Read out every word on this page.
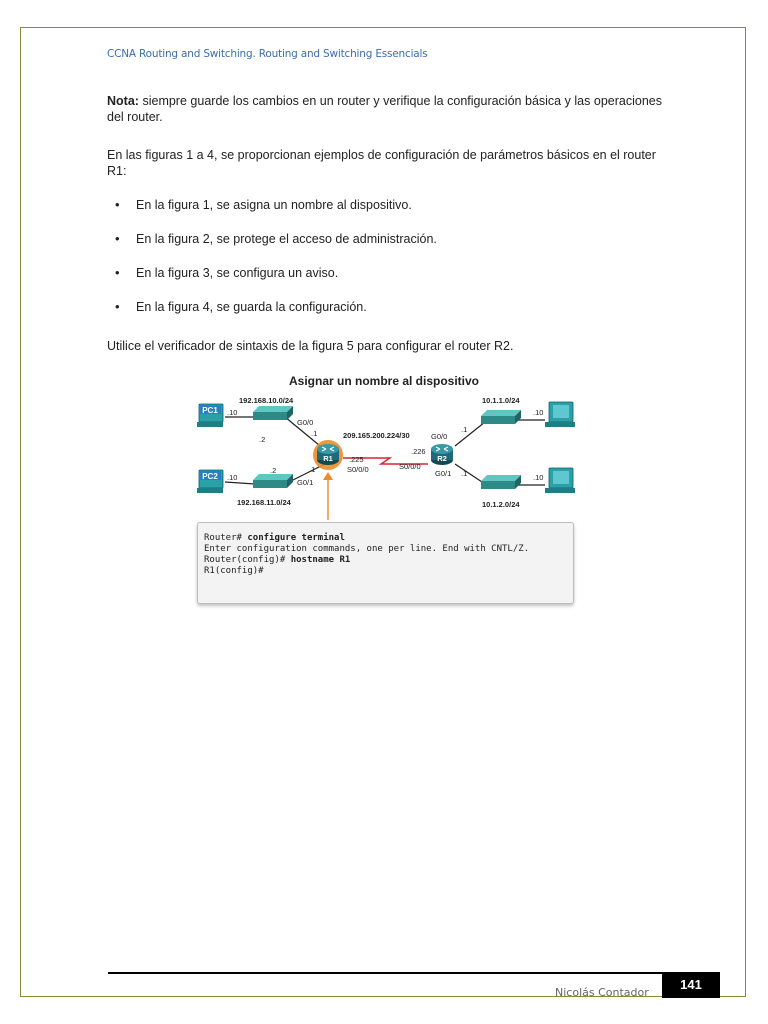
CCNA Routing and Switching. Routing and Switching Essencials

Nota: siempre guarde los cambios en un router y verifique la configuración básica y las operaciones del router.

En las figuras 1 a 4, se proporcionan ejemplos de configuración de parámetros básicos en el router R1:

• En la figura 1, se asigna un nombre al dispositivo.
• En la figura 2, se protege el acceso de administración.
• En la figura 3, se configura un aviso.
• En la figura 4, se guarda la configuración.

Utilice el verificador de sintaxis de la figura 5 para configurar el router R2.

Asignar un nombre al dispositivo
PC1
PC2
R1	R2
192.168.10.0/24
.10
.2
G0/0
.1
.10
.2	.1
G0/1
192.168.11.0/24
209.165.200.224/30
.225
S0/0/0
.226
S0/0/0
G0/0
.1
G0/1 .1
10.1.1.0/24
.10
.10
10.1.2.0/24
Router# configure terminal
Enter configuration commands, one per line. End with CNTL/Z.
Router(config)# hostname R1
R1(config)#
Nicolás Contador
141
